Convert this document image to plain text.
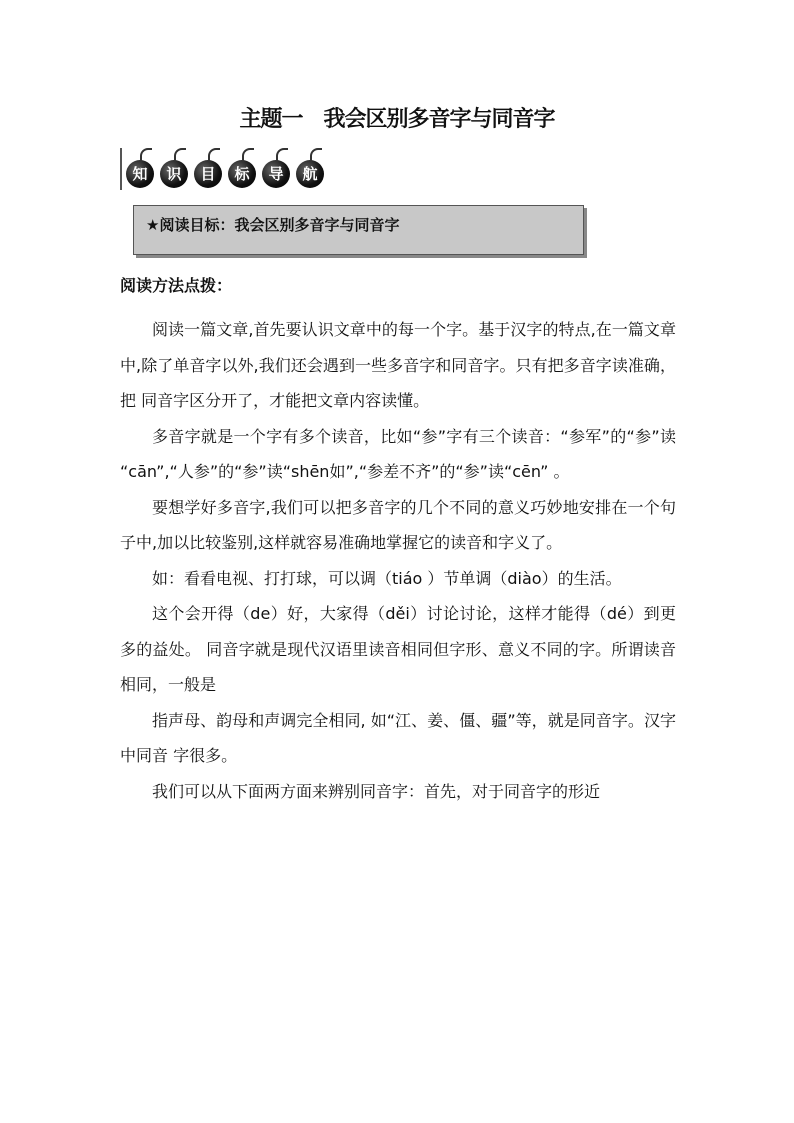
主题一　我会区别多音字与同音字
知	识	目	标	导	航
★阅读目标：我会区别多音字与同音字
阅读方法点拨：

阅读一篇文章,首先要认识文章中的每一个字。基于汉字的特点,在一篇文章中,除了单音字以外,我们还会遇到一些多音字和同音字。只有把多音字读准确，把 同音字区分开了，才能把文章内容读懂。

多音字就是一个字有多个读音，比如“参”字有三个读音：“参军”的“参”读 “cān”,“人参”的“参”读“shēn如”,“参差不齐”的“参”读“cēn” 。

要想学好多音字,我们可以把多音字的几个不同的意义巧妙地安排在一个句子中,加以比较鉴别,这样就容易准确地掌握它的读音和字义了。

如：看看电视、打打球，可以调（tiáo ）节单调（diào）的生活。

这个会开得（de）好，大家得（děi）讨论讨论，这样才能得（dé）到更多的益处。 同音字就是现代汉语里读音相同但字形、意义不同的字。所谓读音相同，一般是

指声母、韵母和声调完全相同, 如“江、姜、僵、疆”等，就是同音字。汉字中同音 字很多。

我们可以从下面两方面来辨别同音字：首先，对于同音字的形近
